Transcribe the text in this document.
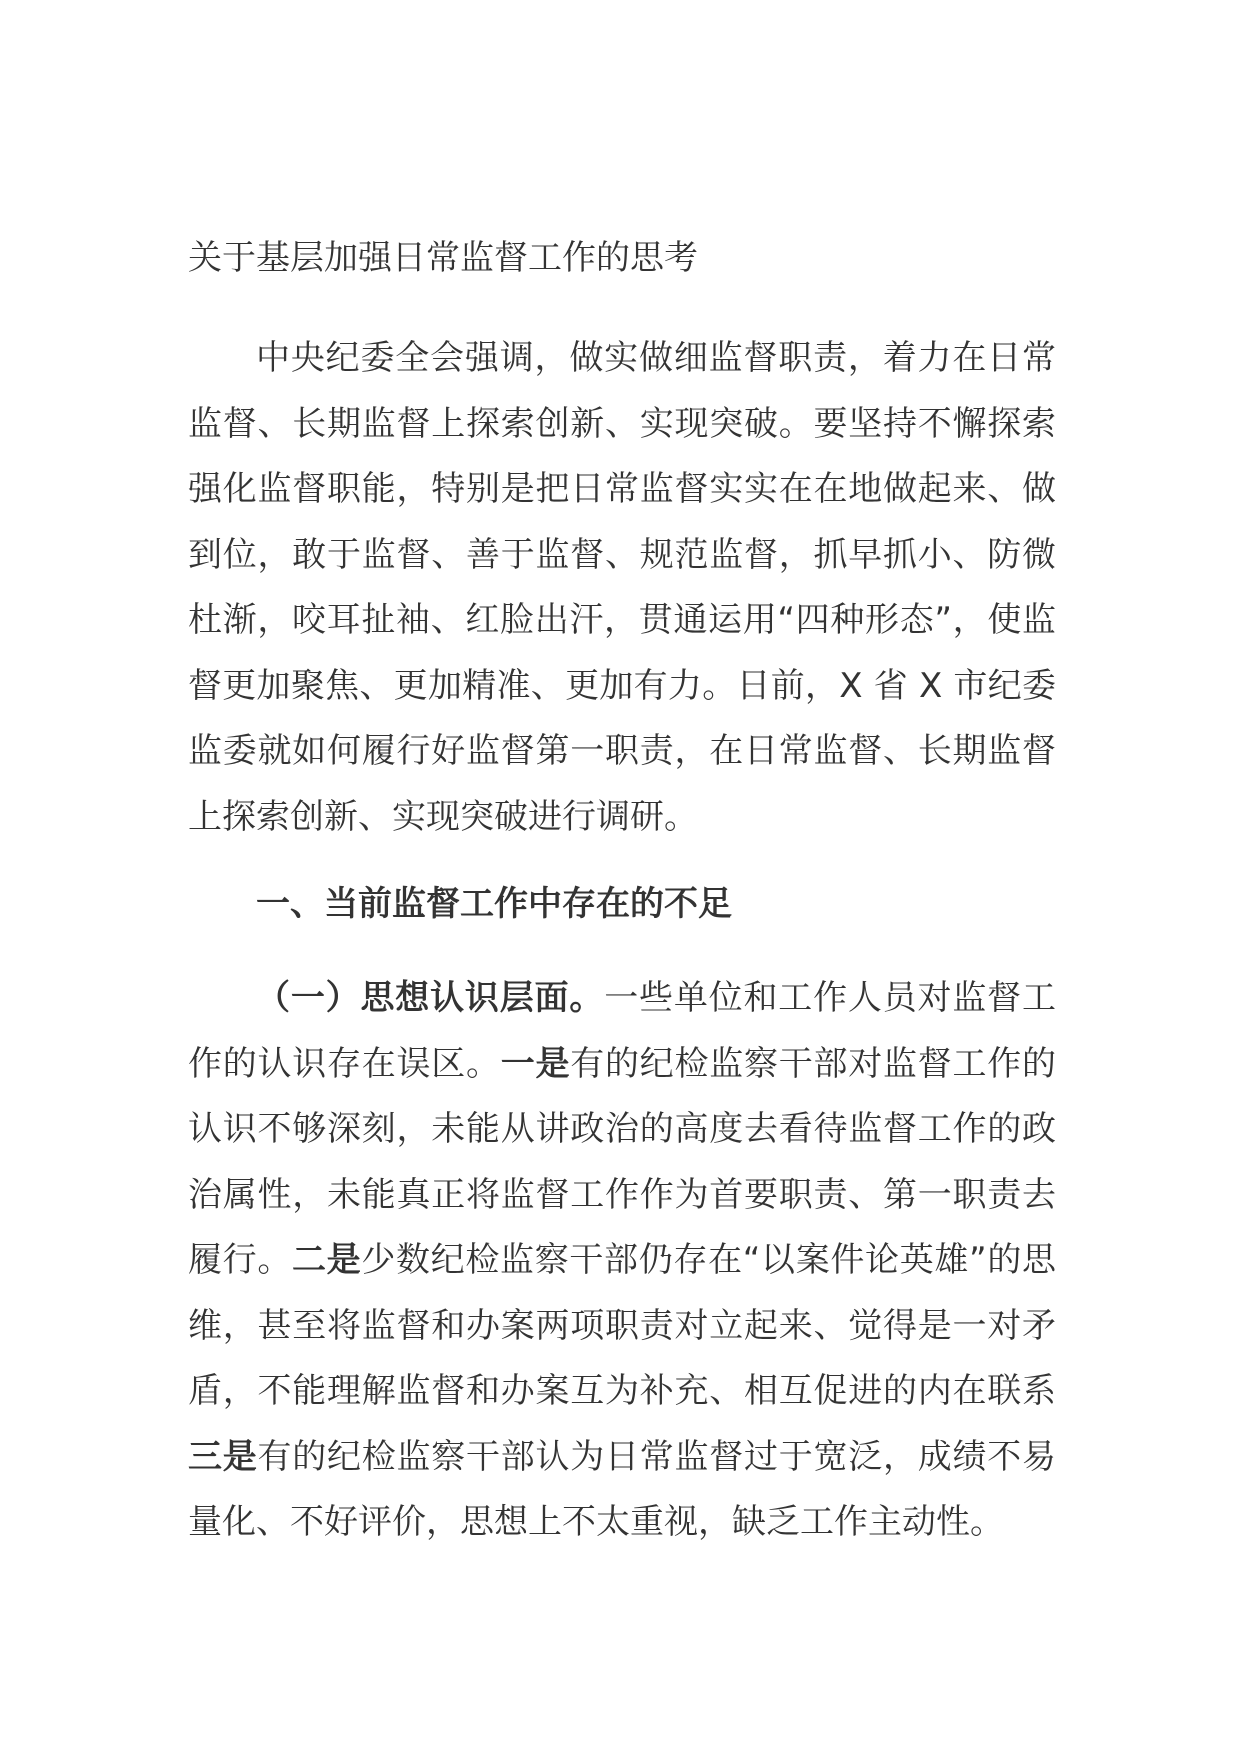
关于基层加强日常监督工作的思考

中央纪委全会强调，做实做细监督职责，着力在日常监督、长期监督上探索创新、实现突破。要坚持不懈探索强化监督职能，特别是把日常监督实实在在地做起来、做到位，敢于监督、善于监督、规范监督，抓早抓小、防微杜渐，咬耳扯袖、红脸出汗，贯通运用“四种形态”，使监督更加聚焦、更加精准、更加有力。日前，X 省 X 市纪委监委就如何履行好监督第一职责，在日常监督、长期监督上探索创新、实现突破进行调研。

一、当前监督工作中存在的不足

（一）思想认识层面。一些单位和工作人员对监督工作的认识存在误区。一是有的纪检监察干部对监督工作的认识不够深刻，未能从讲政治的高度去看待监督工作的政治属性，未能真正将监督工作作为首要职责、第一职责去履行。二是少数纪检监察干部仍存在“以案件论英雄”的思维，甚至将监督和办案两项职责对立起来、觉得是一对矛盾，不能理解监督和办案互为补充、相互促进的内在联系三是有的纪检监察干部认为日常监督过于宽泛，成绩不易量化、不好评价，思想上不太重视，缺乏工作主动性。
